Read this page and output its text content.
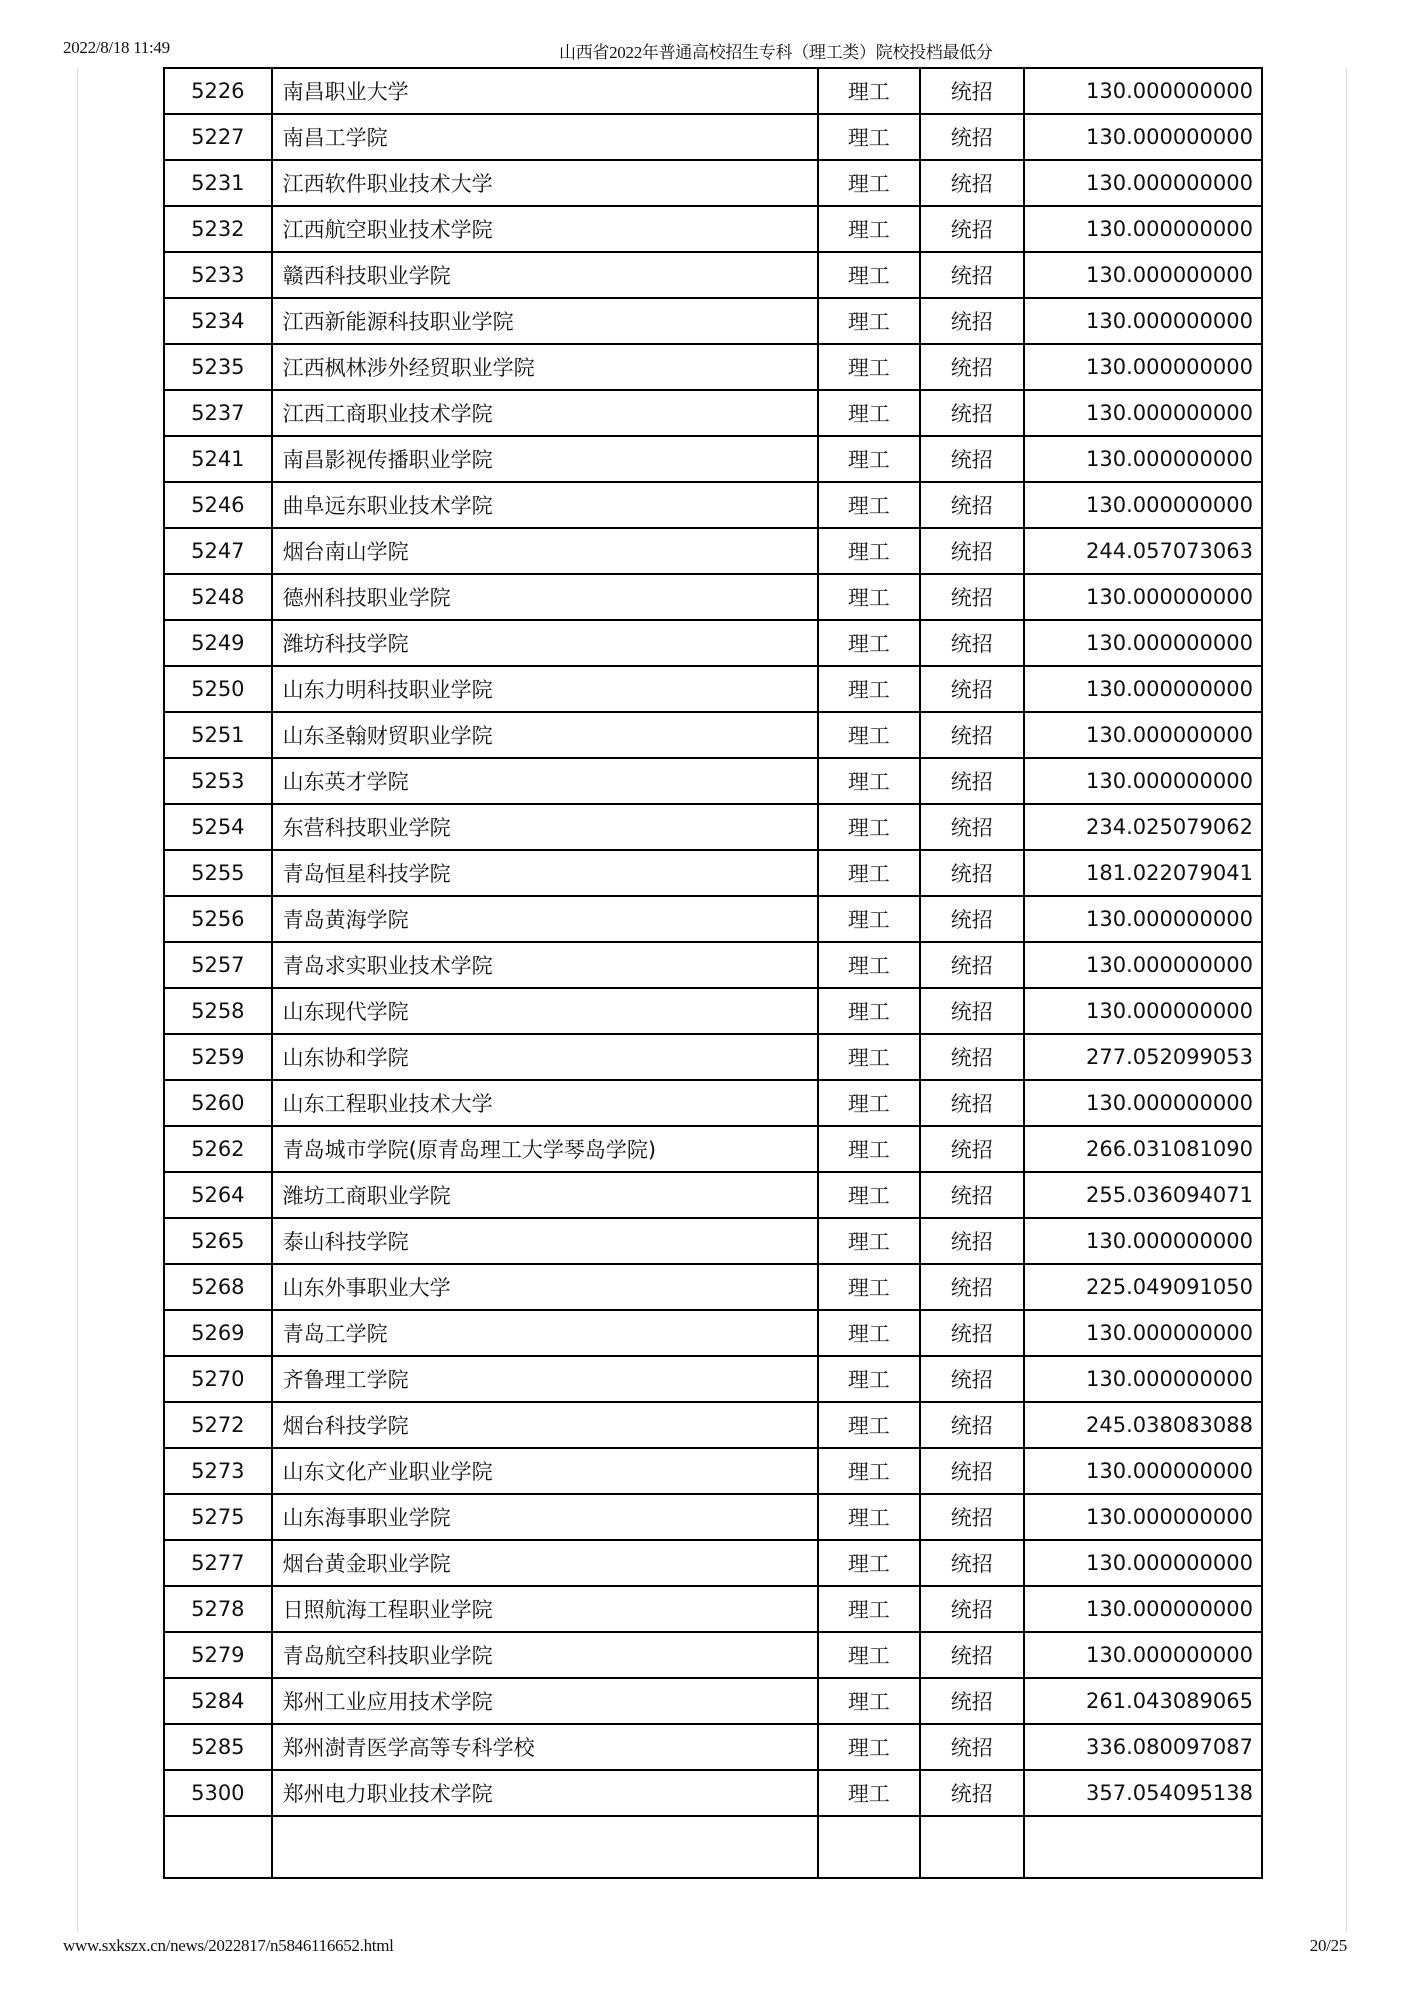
2022/8/18 11:49	山西省2022年普通高校招生专科（理工类）院校投档最低分
5226	南昌职业大学	理工	统招	130.000000000
5227	南昌工学院	理工	统招	130.000000000
5231	江西软件职业技术大学	理工	统招	130.000000000
5232	江西航空职业技术学院	理工	统招	130.000000000
5233	赣西科技职业学院	理工	统招	130.000000000
5234	江西新能源科技职业学院	理工	统招	130.000000000
5235	江西枫林涉外经贸职业学院	理工	统招	130.000000000
5237	江西工商职业技术学院	理工	统招	130.000000000
5241	南昌影视传播职业学院	理工	统招	130.000000000
5246	曲阜远东职业技术学院	理工	统招	130.000000000
5247	烟台南山学院	理工	统招	244.057073063
5248	德州科技职业学院	理工	统招	130.000000000
5249	潍坊科技学院	理工	统招	130.000000000
5250	山东力明科技职业学院	理工	统招	130.000000000
5251	山东圣翰财贸职业学院	理工	统招	130.000000000
5253	山东英才学院	理工	统招	130.000000000
5254	东营科技职业学院	理工	统招	234.025079062
5255	青岛恒星科技学院	理工	统招	181.022079041
5256	青岛黄海学院	理工	统招	130.000000000
5257	青岛求实职业技术学院	理工	统招	130.000000000
5258	山东现代学院	理工	统招	130.000000000
5259	山东协和学院	理工	统招	277.052099053
5260	山东工程职业技术大学	理工	统招	130.000000000
5262	青岛城市学院(原青岛理工大学琴岛学院)	理工	统招	266.031081090
5264	潍坊工商职业学院	理工	统招	255.036094071
5265	泰山科技学院	理工	统招	130.000000000
5268	山东外事职业大学	理工	统招	225.049091050
5269	青岛工学院	理工	统招	130.000000000
5270	齐鲁理工学院	理工	统招	130.000000000
5272	烟台科技学院	理工	统招	245.038083088
5273	山东文化产业职业学院	理工	统招	130.000000000
5275	山东海事职业学院	理工	统招	130.000000000
5277	烟台黄金职业学院	理工	统招	130.000000000
5278	日照航海工程职业学院	理工	统招	130.000000000
5279	青岛航空科技职业学院	理工	统招	130.000000000
5284	郑州工业应用技术学院	理工	统招	261.043089065
5285	郑州澍青医学高等专科学校	理工	统招	336.080097087
5300	郑州电力职业技术学院	理工	统招	357.054095138

www.sxkszx.cn/news/2022817/n5846116652.html	20/25
